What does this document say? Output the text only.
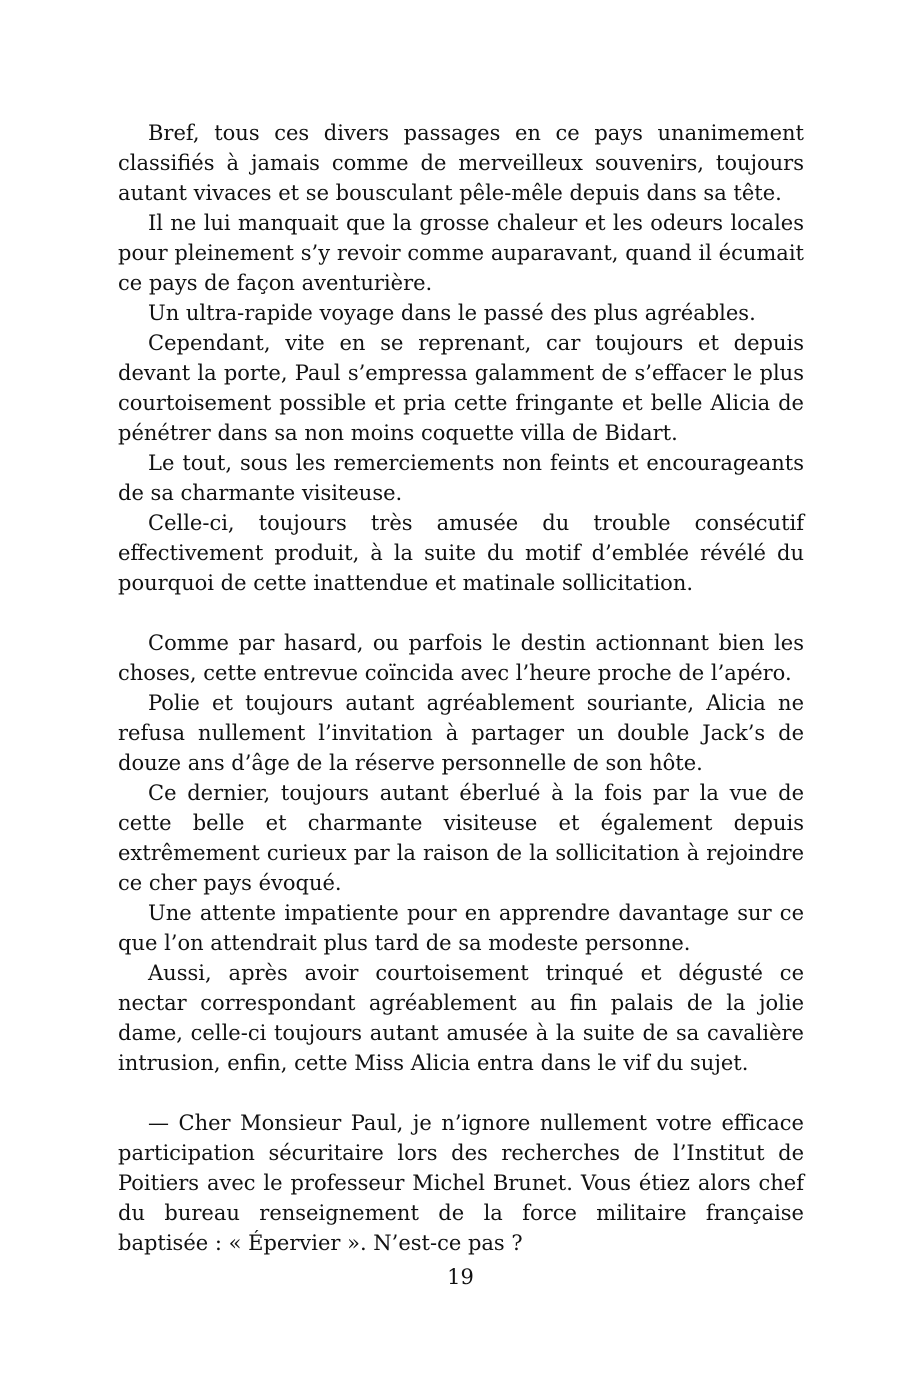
Bref, tous ces divers passages en ce pays unanimement classifiés à jamais comme de merveilleux souvenirs, toujours autant vivaces et se bousculant pêle-mêle depuis dans sa tête.

Il ne lui manquait que la grosse chaleur et les odeurs locales pour pleinement s’y revoir comme auparavant, quand il écumait ce pays de façon aventurière.

Un ultra-rapide voyage dans le passé des plus agréables.

Cependant, vite en se reprenant, car toujours et depuis devant la porte, Paul s’empressa galamment de s’effacer le plus courtoisement possible et pria cette fringante et belle Alicia de pénétrer dans sa non moins coquette villa de Bidart.

Le tout, sous les remerciements non feints et encourageants de sa charmante visiteuse.

Celle-ci, toujours très amusée du trouble consécutif effectivement produit, à la suite du motif d’emblée révélé du pourquoi de cette inattendue et matinale sollicitation.

Comme par hasard, ou parfois le destin actionnant bien les choses, cette entrevue coïncida avec l’heure proche de l’apéro.

Polie et toujours autant agréablement souriante, Alicia ne refusa nullement l’invitation à partager un double Jack’s de douze ans d’âge de la réserve personnelle de son hôte.

Ce dernier, toujours autant éberlué à la fois par la vue de cette belle et charmante visiteuse et également depuis extrêmement curieux par la raison de la sollicitation à rejoindre ce cher pays évoqué.

Une attente impatiente pour en apprendre davantage sur ce que l’on attendrait plus tard de sa modeste personne.

Aussi, après avoir courtoisement trinqué et dégusté ce nectar correspondant agréablement au fin palais de la jolie dame, celle-ci toujours autant amusée à la suite de sa cavalière intrusion, enfin, cette Miss Alicia entra dans le vif du sujet.

— Cher Monsieur Paul, je n’ignore nullement votre efficace participation sécuritaire lors des recherches de l’Institut de Poitiers avec le professeur Michel Brunet. Vous étiez alors chef du bureau renseignement de la force militaire française baptisée : « Épervier ». N’est-ce pas ?

19
